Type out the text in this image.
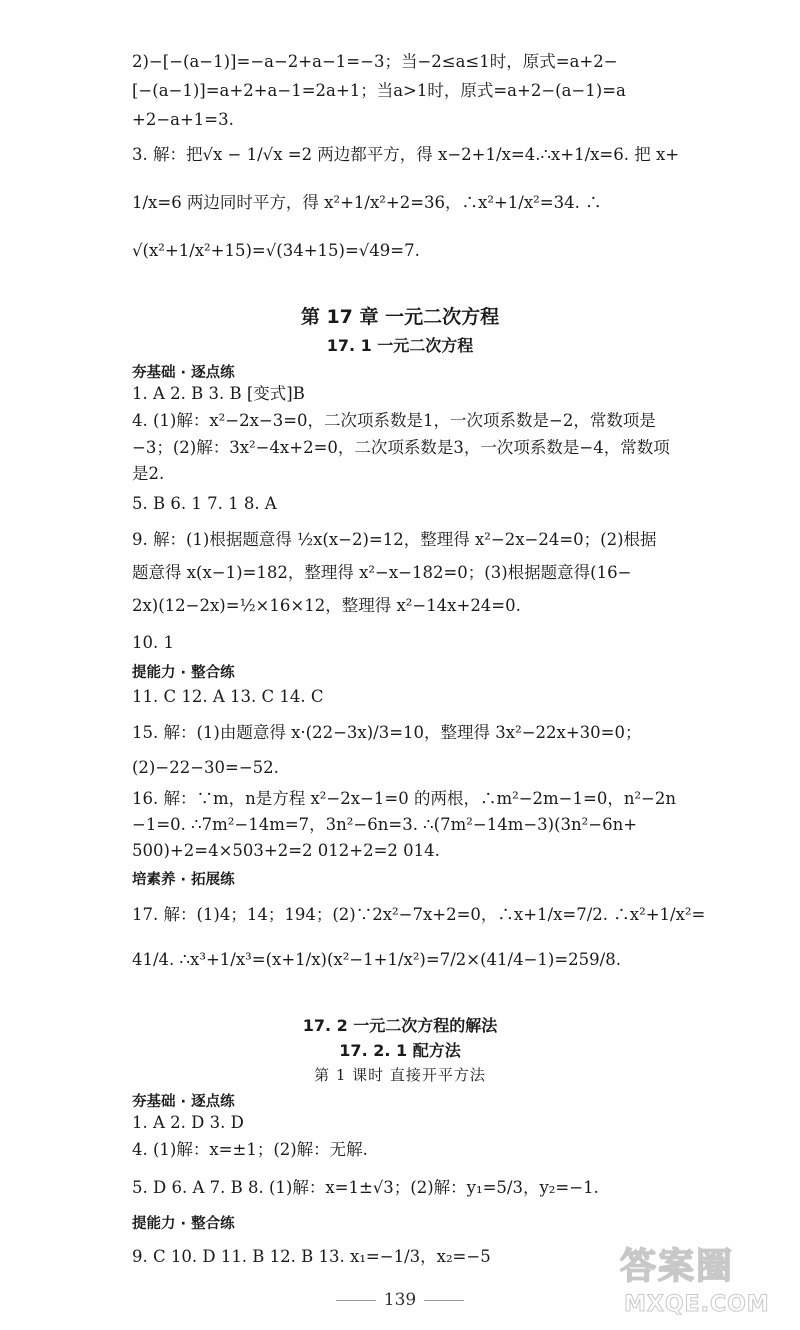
2)−[−(a−1)]=−a−2+a−1=−3；当−2≤a≤1时，原式=a+2−
[−(a−1)]=a+2+a−1=2a+1；当a>1时，原式=a+2−(a−1)=a
+2−a+1=3.
3. 解：把√x − 1/√x =2 两边都平方，得 x−2+1/x=4.∴x+1/x=6. 把 x+
1/x=6 两边同时平方，得 x²+1/x²+2=36，∴x²+1/x²=34. ∴
√(x²+1/x²+15)=√(34+15)=√49=7.
第 17 章 一元二次方程
17. 1 一元二次方程
夯基础 · 逐点练
1. A 2. B 3. B [变式]B
4. (1)解：x²−2x−3=0，二次项系数是1，一次项系数是−2，常数项是
−3；(2)解：3x²−4x+2=0，二次项系数是3，一次项系数是−4，常数项
是2.
5. B 6. 1 7. 1 8. A
9. 解：(1)根据题意得 ½x(x−2)=12，整理得 x²−2x−24=0；(2)根据
题意得 x(x−1)=182，整理得 x²−x−182=0；(3)根据题意得(16−
2x)(12−2x)=½×16×12，整理得 x²−14x+24=0.
10. 1
提能力 · 整合练
11. C 12. A 13. C 14. C
15. 解：(1)由题意得 x·(22−3x)/3=10，整理得 3x²−22x+30=0；
(2)−22−30=−52.
16. 解：∵m，n是方程 x²−2x−1=0 的两根，∴m²−2m−1=0，n²−2n
−1=0. ∴7m²−14m=7，3n²−6n=3. ∴(7m²−14m−3)(3n²−6n+
500)+2=4×503+2=2 012+2=2 014.
培素养 · 拓展练
17. 解：(1)4；14；194；(2)∵2x²−7x+2=0，∴x+1/x=7/2. ∴x²+1/x²=
41/4. ∴x³+1/x³=(x+1/x)(x²−1+1/x²)=7/2×(41/4−1)=259/8.
17. 2 一元二次方程的解法
17. 2. 1 配方法
第 1 课时 直接开平方法
夯基础 · 逐点练
1. A 2. D 3. D
4. (1)解：x=±1；(2)解：无解.
5. D 6. A 7. B 8. (1)解：x=1±√3；(2)解：y₁=5/3，y₂=−1.
提能力 · 整合练
9. C 10. D 11. B 12. B 13. x₁=−1/3，x₂=−5
139
答案圈
MXQE.COM
